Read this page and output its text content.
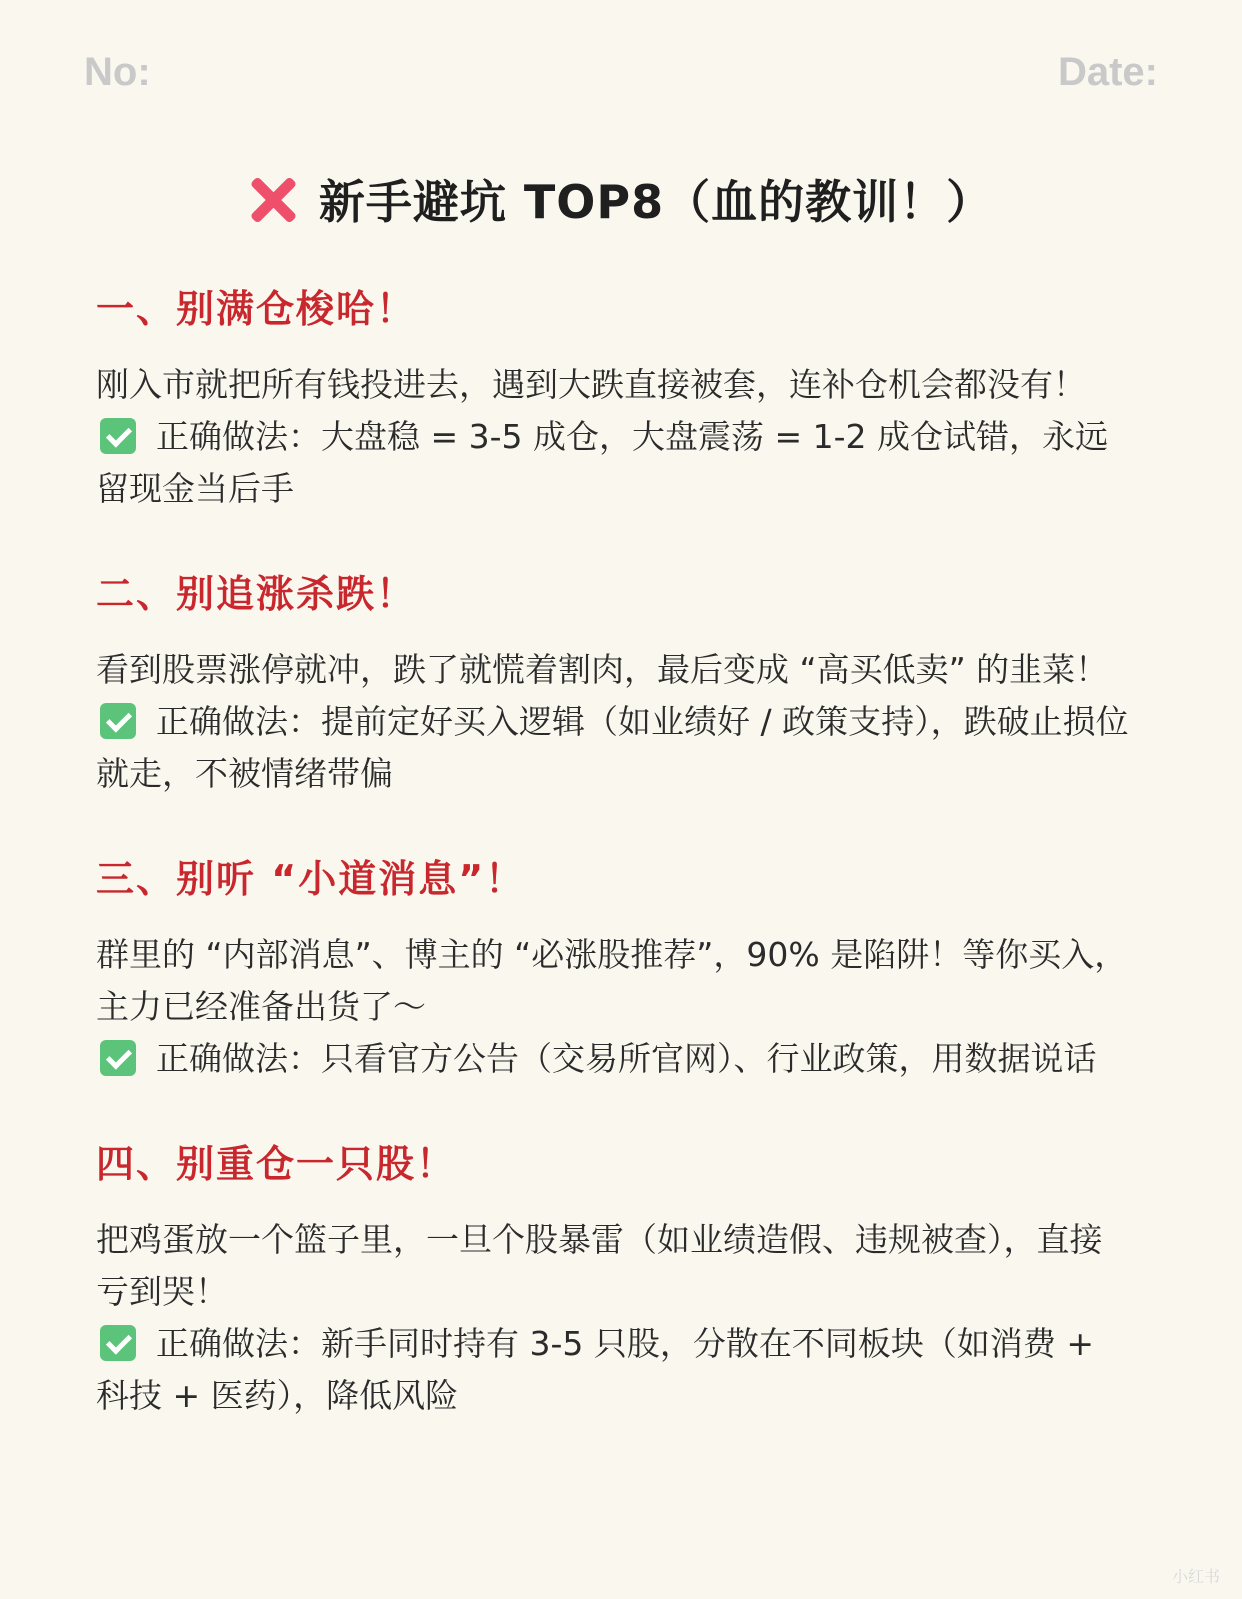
No:	Date:
新手避坑 TOP8（血的教训！）
一、别满仓梭哈！

刚入市就把所有钱投进去，遇到大跌直接被套，连补仓机会都没有！

正确做法：大盘稳 = 3-5 成仓，大盘震荡 = 1-2 成仓试错，永远留现金当后手

二、别追涨杀跌！

看到股票涨停就冲，跌了就慌着割肉，最后变成 “高买低卖” 的韭菜！

正确做法：提前定好买入逻辑（如业绩好 / 政策支持），跌破止损位就走，不被情绪带偏

三、别听 “小道消息”！

群里的 “内部消息”、博主的 “必涨股推荐”，90% 是陷阱！等你买入，主力已经准备出货了～

正确做法：只看官方公告（交易所官网）、行业政策，用数据说话

四、别重仓一只股！

把鸡蛋放一个篮子里，一旦个股暴雷（如业绩造假、违规被查），直接亏到哭！

正确做法：新手同时持有 3-5 只股，分散在不同板块（如消费 + 科技 + 医药），降低风险

小红书
